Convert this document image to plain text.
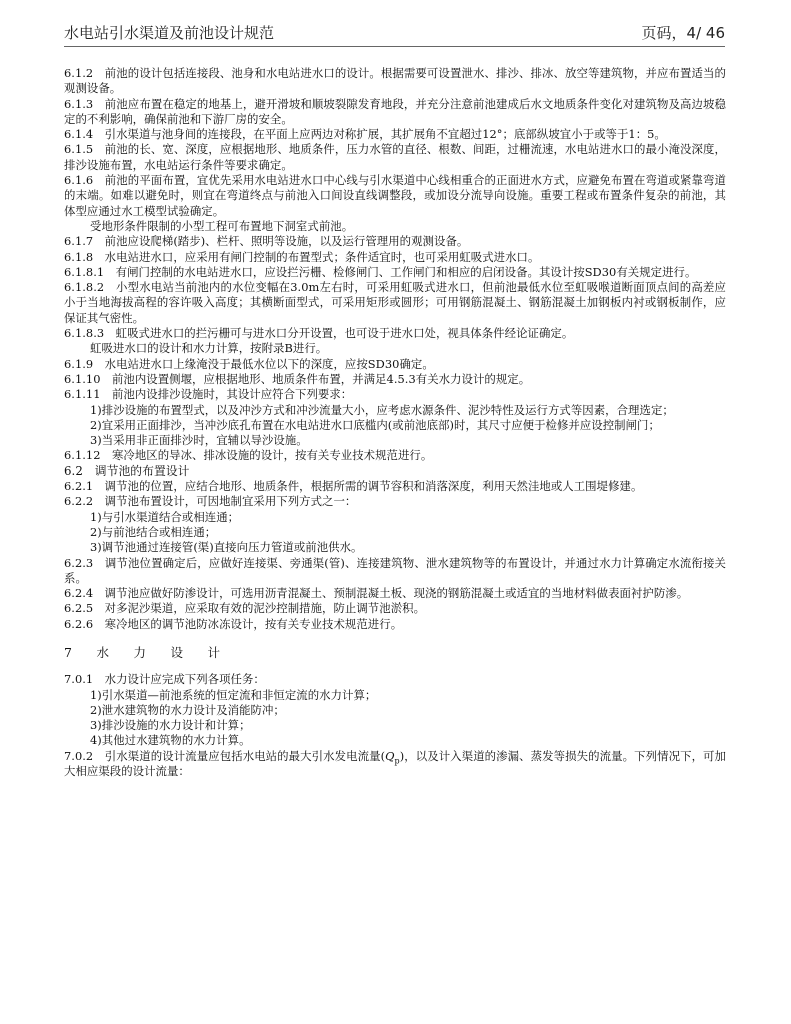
水电站引水渠道及前池设计规范	页码，4/ 46

6.1.2　前池的设计包括连接段、池身和水电站进水口的设计。根据需要可设置泄水、排沙、排冰、放空等建筑物，并应布置适当的观测设备。

6.1.3　前池应布置在稳定的地基上，避开滑坡和顺坡裂隙发育地段，并充分注意前池建成后水文地质条件变化对建筑物及高边坡稳定的不利影响，确保前池和下游厂房的安全。

6.1.4　引水渠道与池身间的连接段，在平面上应两边对称扩展，其扩展角不宜超过12°；底部纵坡宜小于或等于1：5。

6.1.5　前池的长、宽、深度，应根据地形、地质条件，压力水管的直径、根数、间距，过栅流速，水电站进水口的最小淹没深度，排沙设施布置，水电站运行条件等要求确定。

6.1.6　前池的平面布置，宜优先采用水电站进水口中心线与引水渠道中心线相重合的正面进水方式，应避免布置在弯道或紧靠弯道的末端。如难以避免时，则宜在弯道终点与前池入口间设直线调整段，或加设分流导向设施。重要工程或布置条件复杂的前池，其体型应通过水工模型试验确定。

受地形条件限制的小型工程可布置地下洞室式前池。

6.1.7　前池应设爬梯(踏步)、栏杆、照明等设施，以及运行管理用的观测设备。

6.1.8　水电站进水口，应采用有闸门控制的布置型式；条件适宜时，也可采用虹吸式进水口。

6.1.8.1　有闸门控制的水电站进水口，应设拦污栅、检修闸门、工作闸门和相应的启闭设备。其设计按SD30有关规定进行。

6.1.8.2　小型水电站当前池内的水位变幅在3.0m左右时，可采用虹吸式进水口，但前池最低水位至虹吸喉道断面顶点间的高差应小于当地海拔高程的容许吸入高度；其横断面型式，可采用矩形或圆形；可用钢筋混凝土、钢筋混凝土加钢板内衬或钢板制作，应保证其气密性。

6.1.8.3　虹吸式进水口的拦污栅可与进水口分开设置，也可设于进水口处，视具体条件经论证确定。

虹吸进水口的设计和水力计算，按附录B进行。

6.1.9　水电站进水口上缘淹没于最低水位以下的深度，应按SD30确定。

6.1.10　前池内设置侧堰，应根据地形、地质条件布置，并满足4.5.3有关水力设计的规定。

6.1.11　前池内设排沙设施时，其设计应符合下列要求：

1)排沙设施的布置型式，以及冲沙方式和冲沙流量大小，应考虑水源条件、泥沙特性及运行方式等因素，合理选定；

2)宜采用正面排沙，当冲沙底孔布置在水电站进水口底槛内(或前池底部)时，其尺寸应便于检修并应设控制闸门；

3)当采用非正面排沙时，宜辅以导沙设施。

6.1.12　寒冷地区的导冰、排冰设施的设计，按有关专业技术规范进行。

6.2　调节池的布置设计

6.2.1　调节池的位置，应结合地形、地质条件，根据所需的调节容积和消落深度，利用天然洼地或人工围堤修建。

6.2.2　调节池布置设计，可因地制宜采用下列方式之一：

1)与引水渠道结合或相连通；

2)与前池结合或相连通；

3)调节池通过连接管(渠)直接向压力管道或前池供水。

6.2.3　调节池位置确定后，应做好连接渠、旁通渠(管)、连接建筑物、泄水建筑物等的布置设计，并通过水力计算确定水流衔接关系。

6.2.4　调节池应做好防渗设计，可选用沥青混凝土、预制混凝土板、现浇的钢筋混凝土或适宜的当地材料做表面衬护防渗。

6.2.5　对多泥沙渠道，应采取有效的泥沙控制措施，防止调节池淤积。

6.2.6　寒冷地区的调节池防冰冻设计，按有关专业技术规范进行。

7　水　力　设　计

7.0.1　水力设计应完成下列各项任务：

1)引水渠道—前池系统的恒定流和非恒定流的水力计算；

2)泄水建筑物的水力设计及消能防冲；

3)排沙设施的水力设计和计算；

4)其他过水建筑物的水力计算。

7.0.2　引水渠道的设计流量应包括水电站的最大引水发电流量$(Q_p)$，以及计入渠道的渗漏、蒸发等损失的流量。下列情况下，可加大相应渠段的设计流量：
